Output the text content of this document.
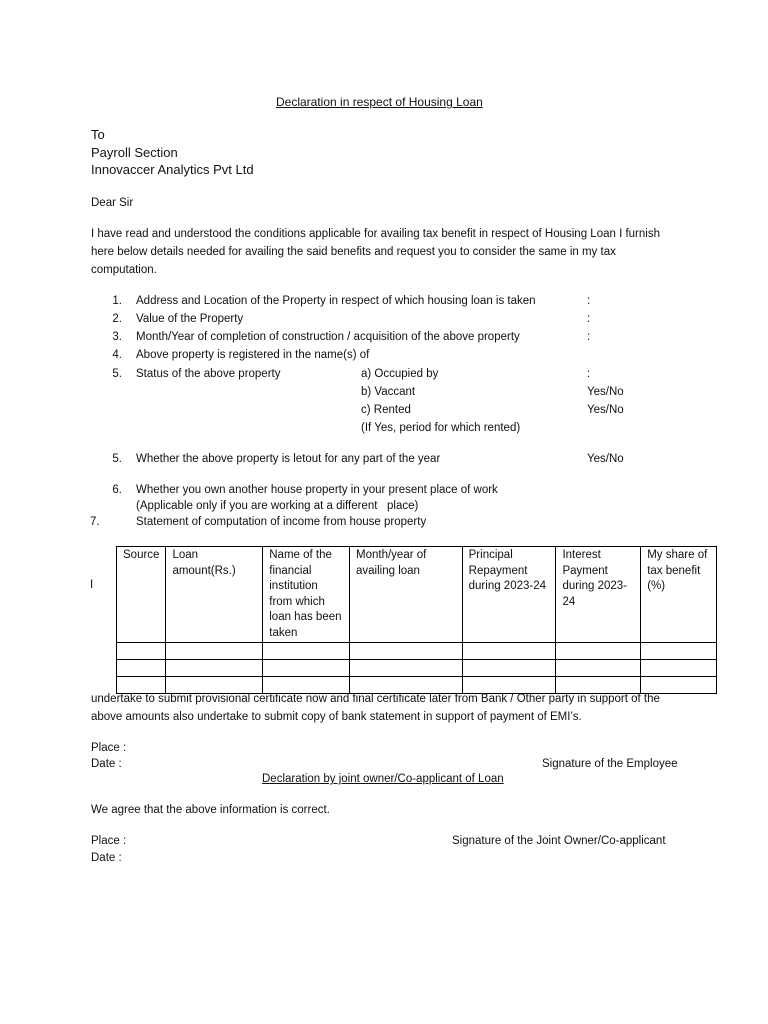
Declaration in respect of Housing Loan
To
Payroll Section
Innovaccer Analytics Pvt Ltd
Dear Sir
I have read and understood the conditions applicable for availing tax benefit in respect of Housing Loan I furnish
here below details needed for availing the said benefits and request you to consider the same in my tax
computation.
1. Address and Location of the Property in respect of which housing loan is taken	:
2. Value of the Property	:
3. Month/Year of completion of construction / acquisition of the above property	:
4. Above property is registered in the name(s) of
5. Status of the above property	a) Occupied by	:
b) Vaccant	Yes/No
c) Rented	Yes/No
(If Yes, period for which rented)
5. Whether the above property is letout for any part of the year	Yes/No
6. Whether you own another house property in your present place of work
(Applicable only if you are working at a different   place)
7.	Statement of computation of income from house property
I
Source	Loan amount(Rs.)	Name of the financial institution from which loan has been taken	Month/year of availing loan	Principal Repayment during 2023-24	Interest Payment during 2023-24	My share of tax benefit (%)

undertake to submit provisional certificate now and final certificate later from Bank / Other party in support of the
above amounts also undertake to submit copy of bank statement in support of payment of EMI’s.
Place :
Date :	Signature of the Employee
Declaration by joint owner/Co-applicant of Loan
We agree that the above information is correct.
Place :	Signature of the Joint Owner/Co-applicant
Date :
